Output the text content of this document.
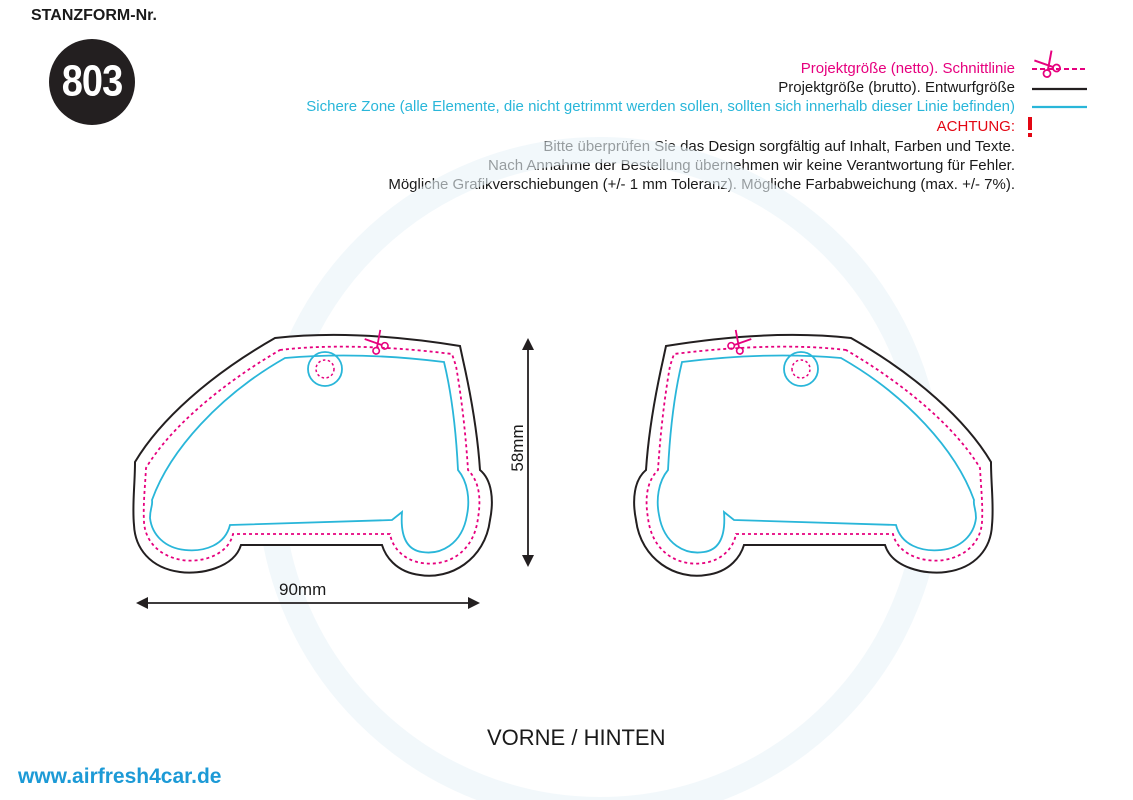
STANZFORM-Nr.
803	Projektgröße (netto). Schnittlinie
Projektgröße (brutto). Entwurfgröße
Sichere Zone (alle Elemente, die nicht getrimmt werden sollen, sollten sich innerhalb dieser Linie befinden)
ACHTUNG:
Bitte überprüfen Sie das Design sorgfältig auf Inhalt, Farben und Texte.
Nach Annahme der Bestellung übernehmen wir keine Verantwortung für Fehler.
Mögliche Grafikverschiebungen (+/- 1 mm Toleranz). Mögliche Farbabweichung (max. +/- 7%).
90mm
58mm
VORNE / HINTEN
www.airfresh4car.de
